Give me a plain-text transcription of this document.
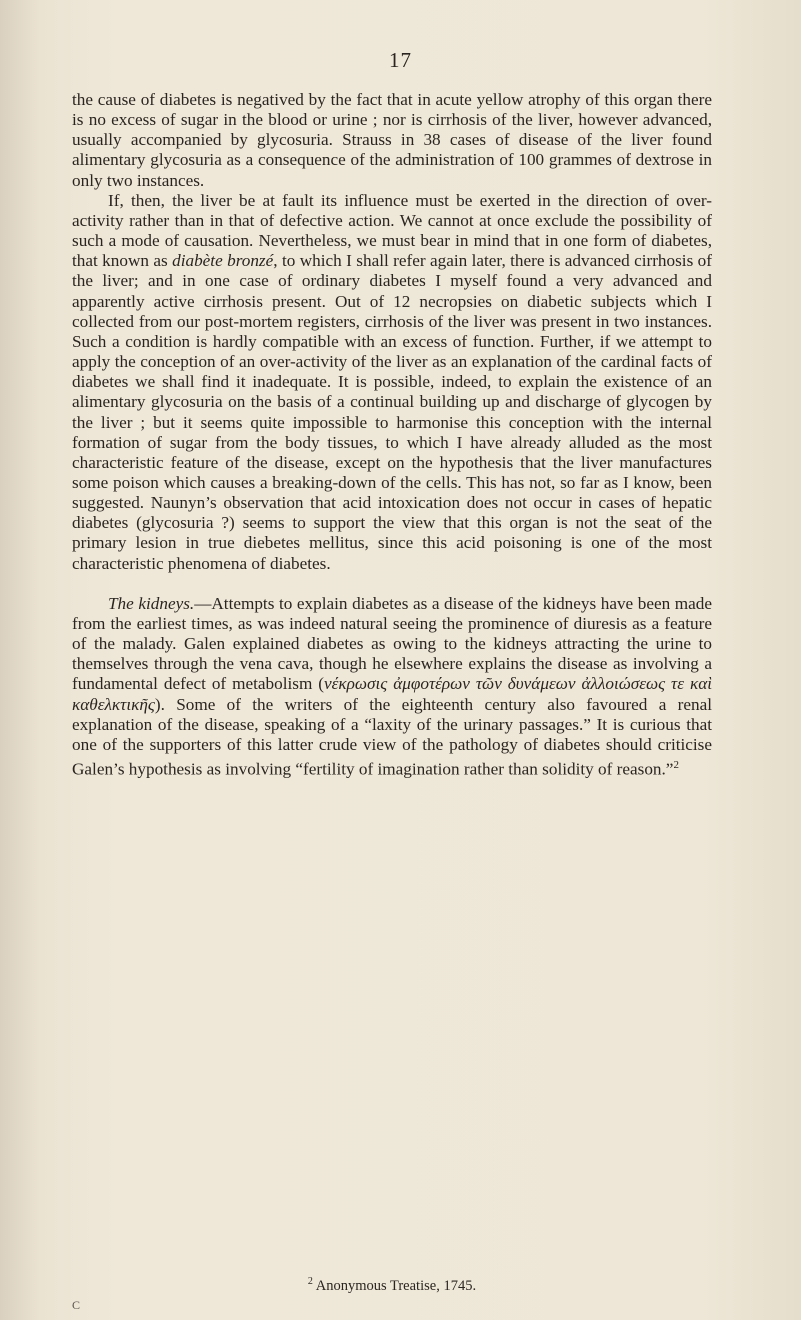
17

the cause of diabetes is negatived by the fact that in acute yellow atrophy of this organ there is no excess of sugar in the blood or urine ; nor is cirrhosis of the liver, however advanced, usually accompanied by glycosuria. Strauss in 38 cases of disease of the liver found alimentary glycosuria as a consequence of the administration of 100 grammes of dextrose in only two instances.

If, then, the liver be at fault its influence must be exerted in the direction of over-activity rather than in that of defective action. We cannot at once exclude the possibility of such a mode of causation. Nevertheless, we must bear in mind that in one form of diabetes, that known as diabète bronzé, to which I shall refer again later, there is advanced cirrhosis of the liver; and in one case of ordinary diabetes I myself found a very advanced and apparently active cirrhosis present. Out of 12 necropsies on diabetic subjects which I collected from our post-mortem registers, cirrhosis of the liver was present in two instances. Such a condition is hardly compatible with an excess of function. Further, if we attempt to apply the conception of an over-activity of the liver as an explanation of the cardinal facts of diabetes we shall find it inadequate. It is possible, indeed, to explain the existence of an alimentary glycosuria on the basis of a continual building up and discharge of glycogen by the liver ; but it seems quite impossible to harmonise this conception with the internal formation of sugar from the body tissues, to which I have already alluded as the most characteristic feature of the disease, except on the hypothesis that the liver manufactures some poison which causes a breaking-down of the cells. This has not, so far as I know, been suggested. Naunyn’s observation that acid intoxication does not occur in cases of hepatic diabetes (glycosuria ?) seems to support the view that this organ is not the seat of the primary lesion in true diebetes mellitus, since this acid poisoning is one of the most characteristic phenomena of diabetes.

The kidneys.—Attempts to explain diabetes as a disease of the kidneys have been made from the earliest times, as was indeed natural seeing the prominence of diuresis as a feature of the malady. Galen explained diabetes as owing to the kidneys attracting the urine to themselves through the vena cava, though he elsewhere explains the disease as involving a fundamental defect of metabolism (νέκρωσις ἀμφοτέρων τῶν δυνάμεων ἀλλοιώσεως τε καὶ καθελκτικῆς). Some of the writers of the eighteenth century also favoured a renal explanation of the disease, speaking of a “laxity of the urinary passages.” It is curious that one of the supporters of this latter crude view of the pathology of diabetes should criticise Galen’s hypothesis as involving “fertility of imagination rather than solidity of reason.”$^2$

$^2$ Anonymous Treatise, 1745.
C
